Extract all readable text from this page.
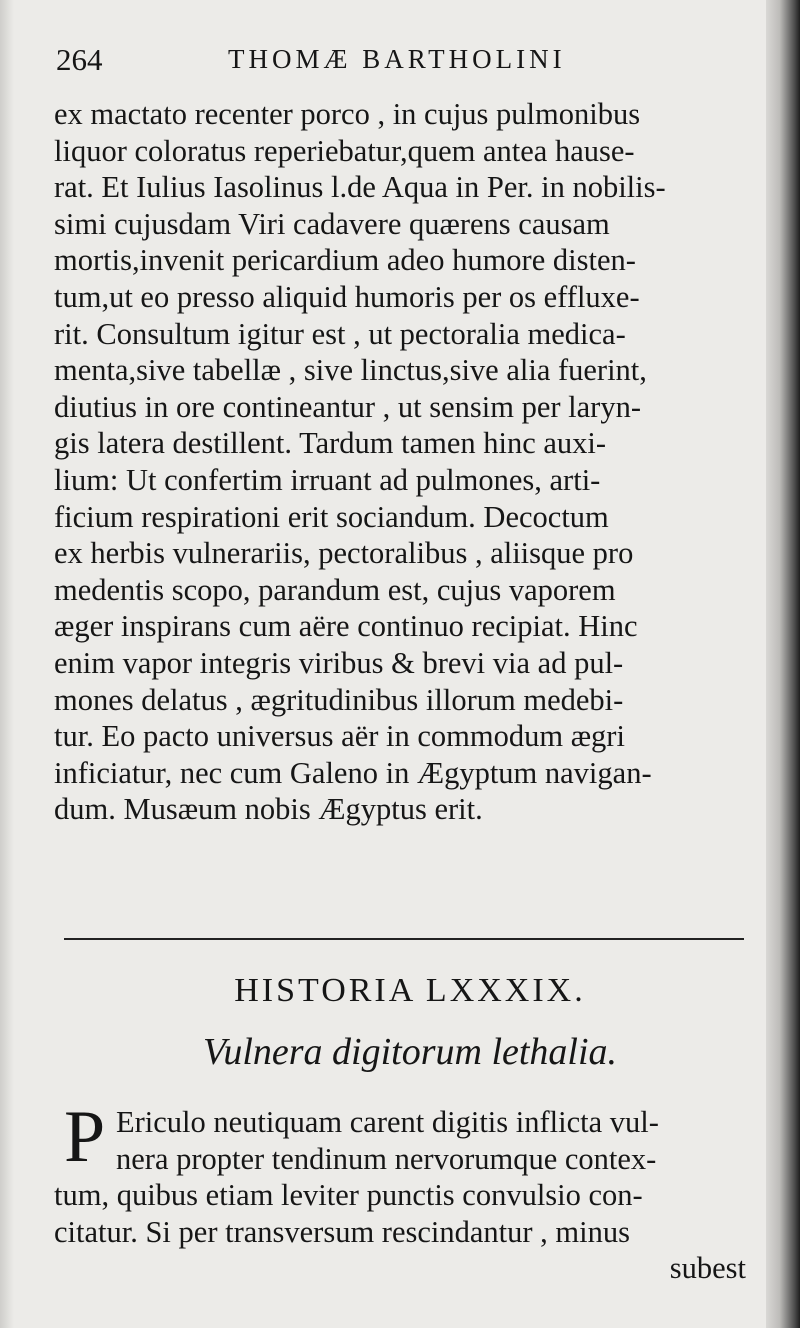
264	THOMÆ BARTHOLINI
ex mactato recenter porco , in cujus pulmonibus
liquor coloratus reperiebatur,quem antea hause-
rat. Et Iulius Iasolinus l.de Aqua in Per. in nobilis-
simi cujusdam Viri cadavere quærens causam
mortis,invenit pericardium adeo humore disten-
tum,ut eo presso aliquid humoris per os effluxe-
rit. Consultum igitur est , ut pectoralia medica-
menta,sive tabellæ , sive linctus,sive alia fuerint,
diutius in ore contineantur , ut sensim per laryn-
gis latera destillent. Tardum tamen hinc auxi-
lium: Ut confertim irruant ad pulmones, arti-
ficium respirationi erit sociandum. Decoctum
ex herbis vulnerariis, pectoralibus , aliisque pro
medentis scopo, parandum est, cujus vaporem
æger inspirans cum aëre continuo recipiat. Hinc
enim vapor integris viribus & brevi via ad pul-
mones delatus , ægritudinibus illorum medebi-
tur. Eo pacto universus aër in commodum ægri
inficiatur, nec cum Galeno in Ægyptum navigan-
dum. Musæum nobis Ægyptus erit.
HISTORIA LXXXIX.
Vulnera digitorum lethalia.
P Ericulo neutiquam carent digitis inflicta vul-
nera propter tendinum nervorumque contex-
tum, quibus etiam leviter punctis convulsio con-
citatur. Si per transversum rescindantur , minus
subest
